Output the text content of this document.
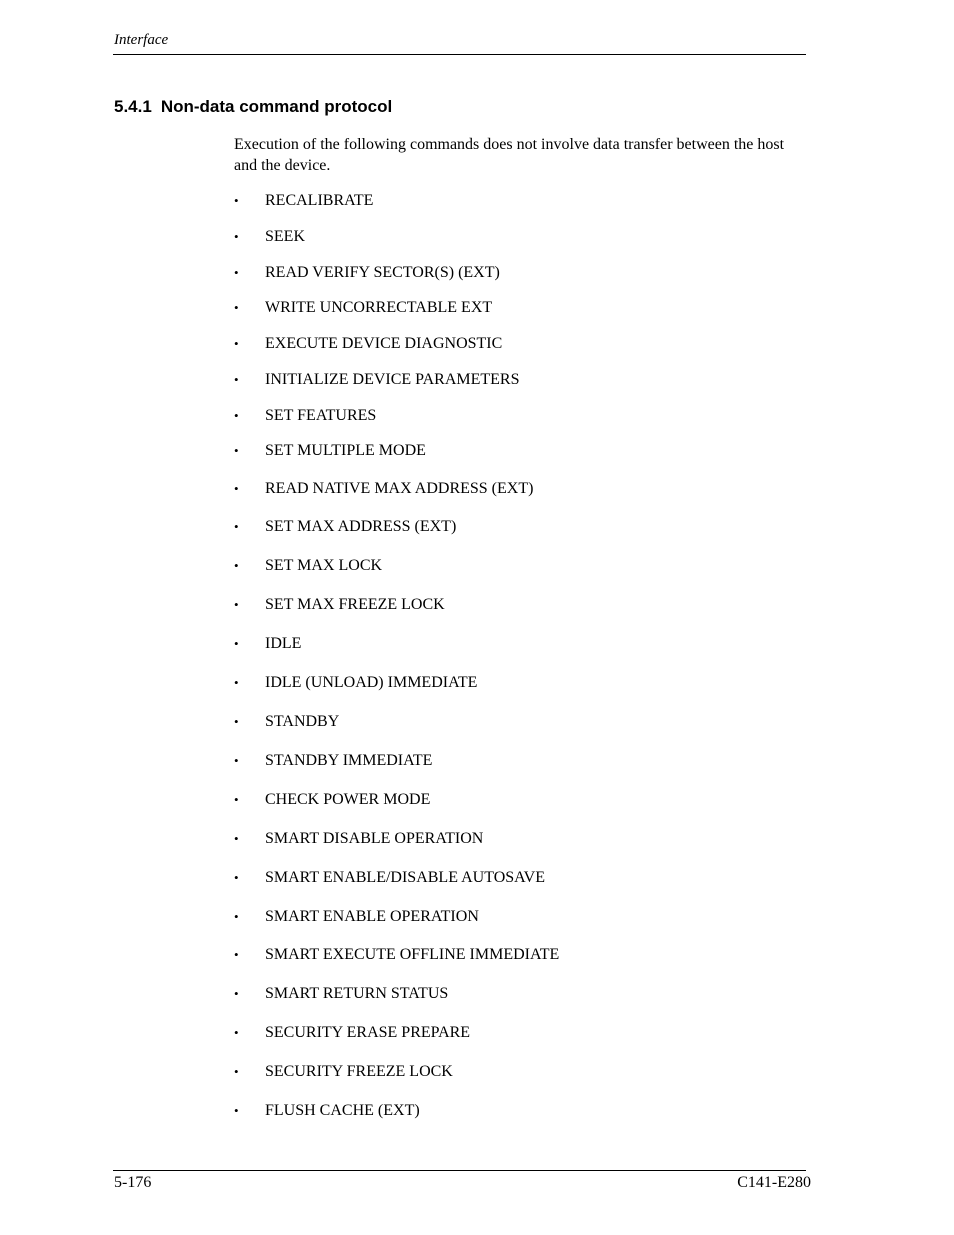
Interface
5.4.1 Non-data command protocol

Execution of the following commands does not involve data transfer between the host and the device.

• RECALIBRATE
• SEEK
• READ VERIFY SECTOR(S) (EXT)
• WRITE UNCORRECTABLE EXT
• EXECUTE DEVICE DIAGNOSTIC
• INITIALIZE DEVICE PARAMETERS
• SET FEATURES
• SET MULTIPLE MODE
• READ NATIVE MAX ADDRESS (EXT)
• SET MAX ADDRESS (EXT)
• SET MAX LOCK
• SET MAX FREEZE LOCK
• IDLE
• IDLE (UNLOAD) IMMEDIATE
• STANDBY
• STANDBY IMMEDIATE
• CHECK POWER MODE
• SMART DISABLE OPERATION
• SMART ENABLE/DISABLE AUTOSAVE
• SMART ENABLE OPERATION
• SMART EXECUTE OFFLINE IMMEDIATE
• SMART RETURN STATUS
• SECURITY ERASE PREPARE
• SECURITY FREEZE LOCK
• FLUSH CACHE (EXT)
5-176	C141-E280
